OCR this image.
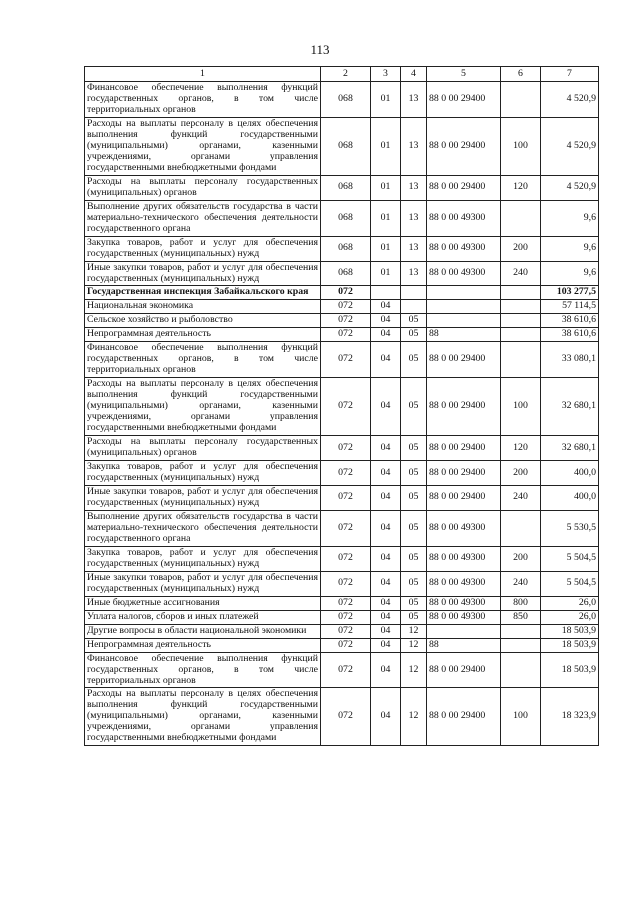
113
1	2	3	4	5	6	7
Финансовое обеспечение выполнения функций государственных органов, в том числе территориальных органов	068	01	13	88 0 00 29400		4 520,9
Расходы на выплаты персоналу в целях обеспечения выполнения функций государственными (муниципальными) органами, казенными учреждениями, органами управления государственными внебюджетными фондами	068	01	13	88 0 00 29400	100	4 520,9
Расходы на выплаты персоналу государственных (муниципальных) органов	068	01	13	88 0 00 29400	120	4 520,9
Выполнение других обязательств государства в части материально-технического обеспечения деятельности государственного органа	068	01	13	88 0 00 49300		9,6
Закупка товаров, работ и услуг для обеспечения государственных (муниципальных) нужд	068	01	13	88 0 00 49300	200	9,6
Иные закупки товаров, работ и услуг для обеспечения государственных (муниципальных) нужд	068	01	13	88 0 00 49300	240	9,6
Государственная инспекция Забайкальского края	072					103 277,5
Национальная экономика	072	04				57 114,5
Сельское хозяйство и рыболовство	072	04	05			38 610,6
Непрограммная деятельность	072	04	05	88		38 610,6
Финансовое обеспечение выполнения функций государственных органов, в том числе территориальных органов	072	04	05	88 0 00 29400		33 080,1
Расходы на выплаты персоналу в целях обеспечения выполнения функций государственными (муниципальными) органами, казенными учреждениями, органами управления государственными внебюджетными фондами	072	04	05	88 0 00 29400	100	32 680,1
Расходы на выплаты персоналу государственных (муниципальных) органов	072	04	05	88 0 00 29400	120	32 680,1
Закупка товаров, работ и услуг для обеспечения государственных (муниципальных) нужд	072	04	05	88 0 00 29400	200	400,0
Иные закупки товаров, работ и услуг для обеспечения государственных (муниципальных) нужд	072	04	05	88 0 00 29400	240	400,0
Выполнение других обязательств государства в части материально-технического обеспечения деятельности государственного органа	072	04	05	88 0 00 49300		5 530,5
Закупка товаров, работ и услуг для обеспечения государственных (муниципальных) нужд	072	04	05	88 0 00 49300	200	5 504,5
Иные закупки товаров, работ и услуг для обеспечения государственных (муниципальных) нужд	072	04	05	88 0 00 49300	240	5 504,5
Иные бюджетные ассигнования	072	04	05	88 0 00 49300	800	26,0
Уплата налогов, сборов и иных платежей	072	04	05	88 0 00 49300	850	26,0
Другие вопросы в области национальной экономики	072	04	12			18 503,9
Непрограммная деятельность	072	04	12	88		18 503,9
Финансовое обеспечение выполнения функций государственных органов, в том числе территориальных органов	072	04	12	88 0 00 29400		18 503,9
Расходы на выплаты персоналу в целях обеспечения выполнения функций государственными (муниципальными) органами, казенными учреждениями, органами управления государственными внебюджетными фондами	072	04	12	88 0 00 29400	100	18 323,9
